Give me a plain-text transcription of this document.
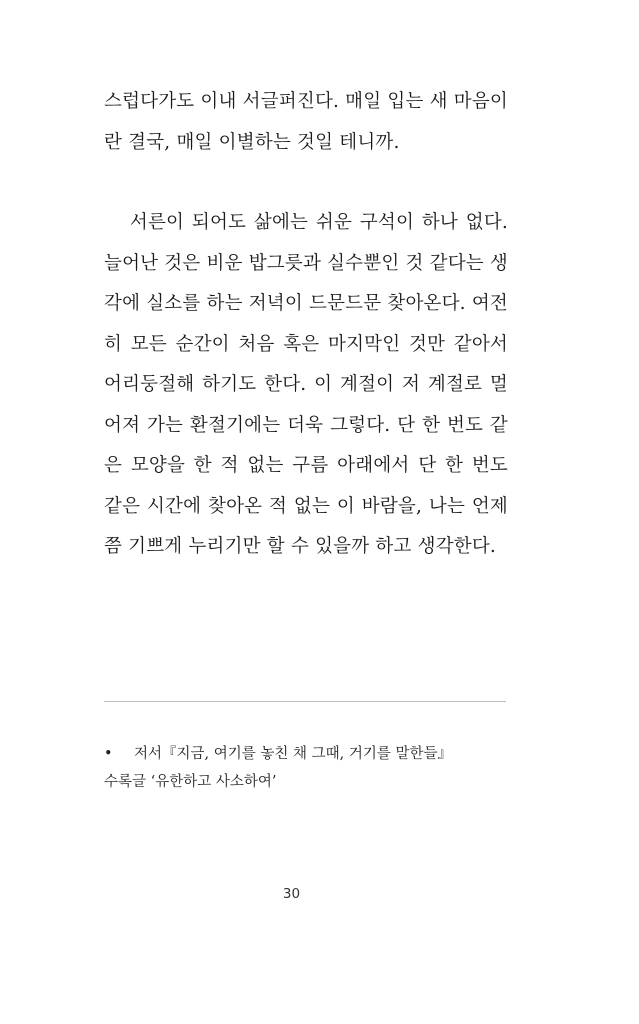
스럽다가도 이내 서글퍼진다. 매일 입는 새 마음이란 결국, 매일 이별하는 것일 테니까.

서른이 되어도 삶에는 쉬운 구석이 하나 없다. 늘어난 것은 비운 밥그릇과 실수뿐인 것 같다는 생각에 실소를 하는 저녁이 드문드문 찾아온다. 여전히 모든 순간이 처음 혹은 마지막인 것만 같아서 어리둥절해 하기도 한다. 이 계절이 저 계절로 멀어져 가는 환절기에는 더욱 그렇다. 단 한 번도 같은 모양을 한 적 없는 구름 아래에서 단 한 번도 같은 시간에 찾아온 적 없는 이 바람을, 나는 언제쯤 기쁘게 누리기만 할 수 있을까 하고 생각한다.

• 저서『지금, 여기를 놓친 채 그때, 거기를 말한들』
수록글 ‘유한하고 사소하여’
30
